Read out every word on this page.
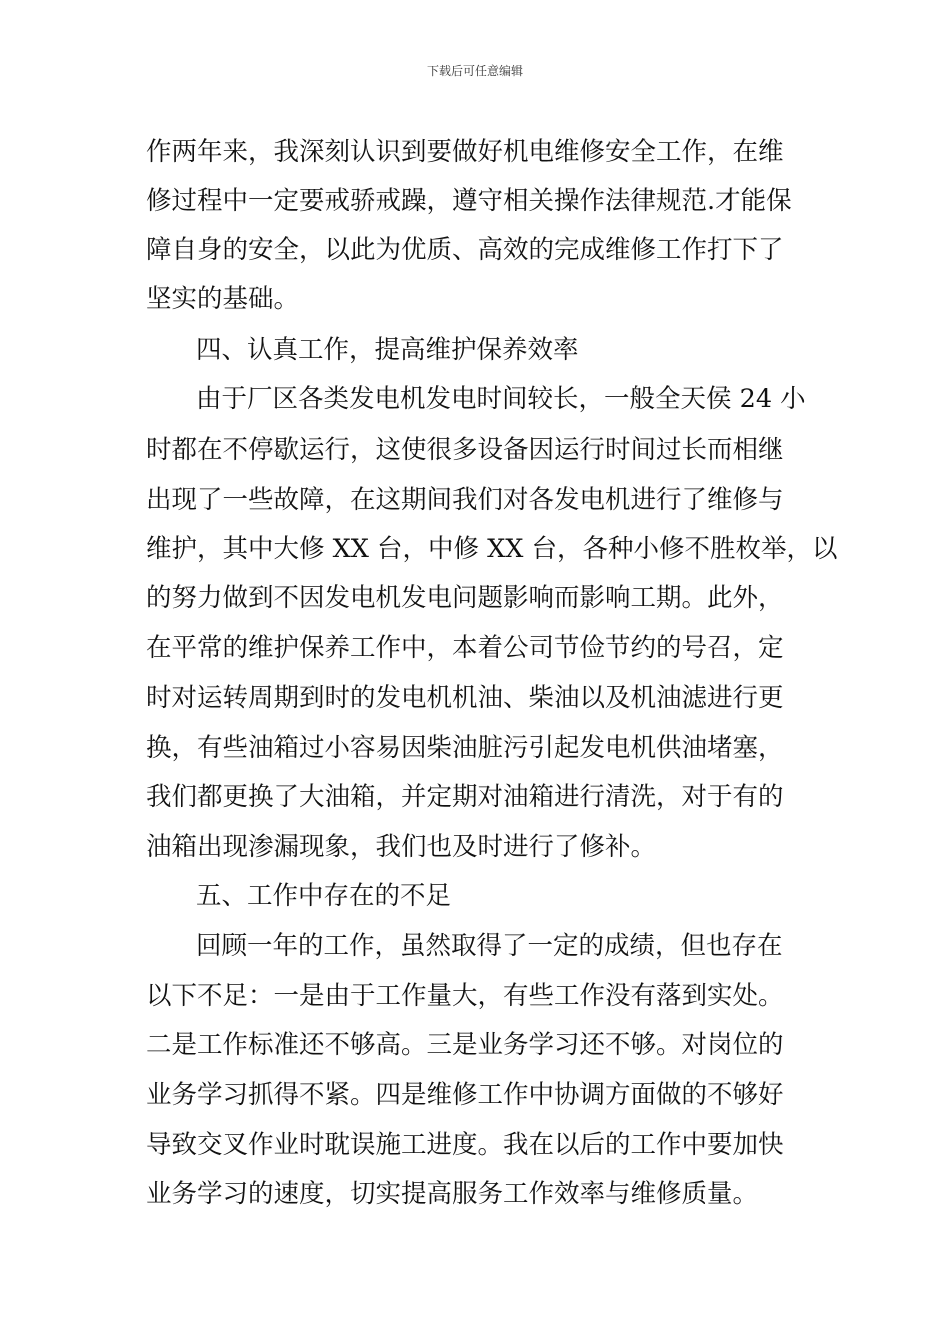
下载后可任意编辑
作两年来，我深刻认识到要做好机电维修安全工作，在维
修过程中一定要戒骄戒躁，遵守相关操作法律规范.才能保
障自身的安全，以此为优质、高效的完成维修工作打下了
坚实的基础。
四、认真工作，提高维护保养效率
由于厂区各类发电机发电时间较长，一般全天侯 24 小
时都在不停歇运行，这使很多设备因运行时间过长而相继
出现了一些故障，在这期间我们对各发电机进行了维修与
维护，其中大修 XX 台，中修 XX 台，各种小修不胜枚举，以
的努力做到不因发电机发电问题影响而影响工期。此外，
在平常的维护保养工作中，本着公司节俭节约的号召，定
时对运转周期到时的发电机机油、柴油以及机油滤进行更
换，有些油箱过小容易因柴油脏污引起发电机供油堵塞，
我们都更换了大油箱，并定期对油箱进行清洗，对于有的
油箱出现渗漏现象，我们也及时进行了修补。
五、工作中存在的不足
回顾一年的工作，虽然取得了一定的成绩，但也存在
以下不足：一是由于工作量大，有些工作没有落到实处。
二是工作标准还不够高。三是业务学习还不够。对岗位的
业务学习抓得不紧。四是维修工作中协调方面做的不够好
导致交叉作业时耽误施工进度。我在以后的工作中要加快
业务学习的速度，切实提高服务工作效率与维修质量。
